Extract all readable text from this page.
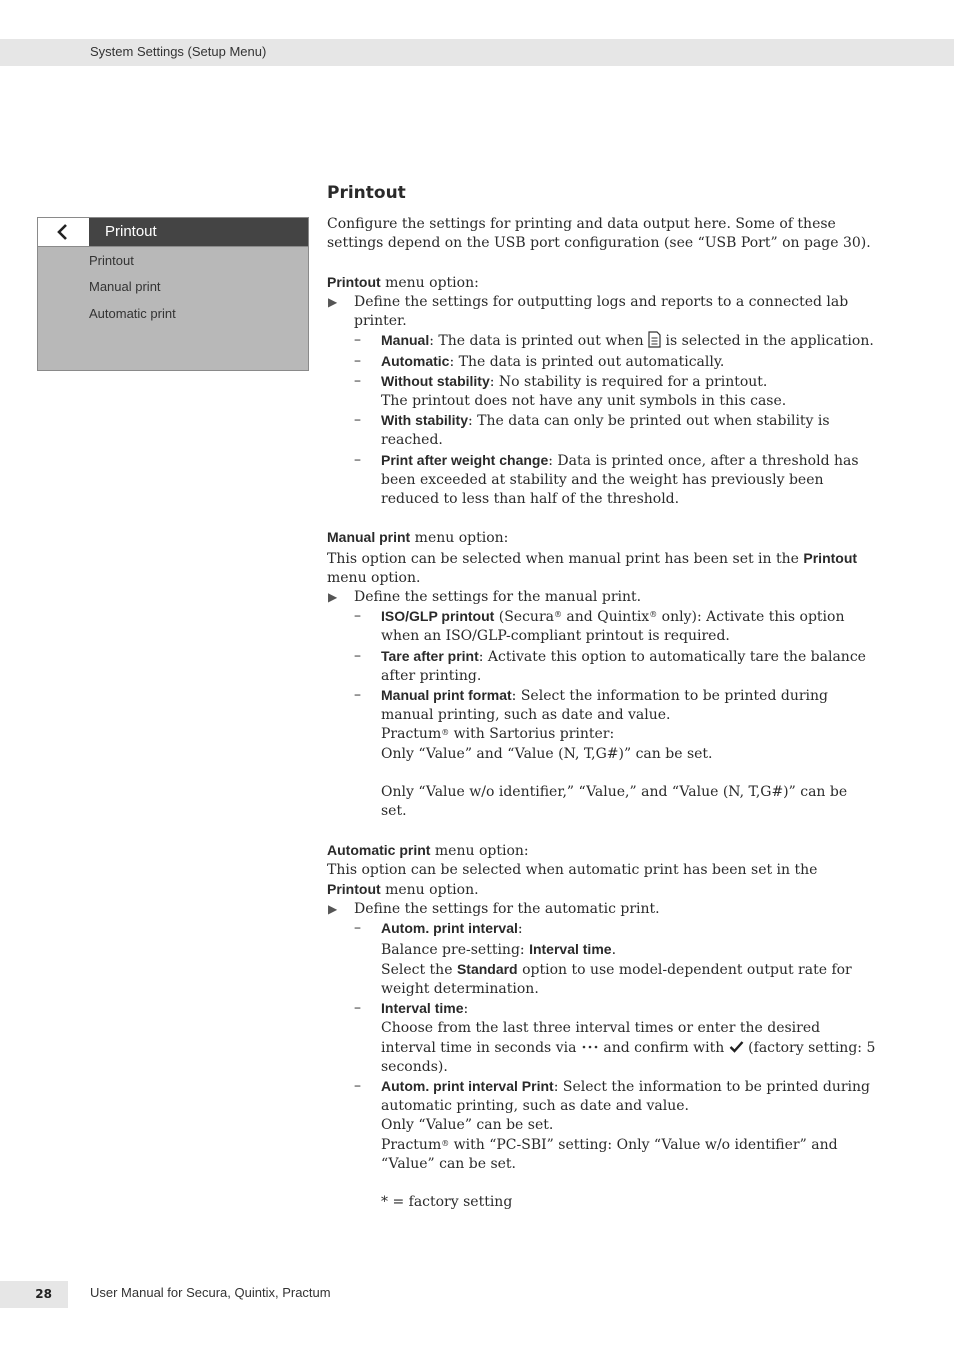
System Settings (Setup Menu)
Printout
Printout
Manual print
Automatic print
Printout

Configure the settings for printing and data output here. Some of these settings depend on the USB port configuration (see “USB Port” on page 30).

Printout menu option:

▶ Define the settings for outputting logs and reports to a connected lab printer.

– Manual: The data is printed out when  is selected in the application.

– Automatic: The data is printed out automatically.

– Without stability: No stability is required for a printout.

The printout does not have any unit symbols in this case.

– With stability: The data can only be printed out when stability is reached.

– Print after weight change: Data is printed once, after a threshold has been exceeded at stability and the weight has previously been reduced to less than half of the threshold.

Manual print menu option:

This option can be selected when manual print has been set in the Printout menu option.

▶ Define the settings for the manual print.

– ISO/GLP printout (Secura® and Quintix® only): Activate this option when an ISO/GLP-compliant printout is required.

– Tare after print: Activate this option to automatically tare the balance after printing.

– Manual print format: Select the information to be printed during manual printing, such as date and value.

Practum® with Sartorius printer:

Only “Value” and “Value (N, T,G#)” can be set.

Only “Value w/o identifier,” “Value,” and “Value (N, T,G#)” can be set.

Automatic print menu option:

This option can be selected when automatic print has been set in the

Printout menu option.

▶ Define the settings for the automatic print.

– Autom. print interval:

Balance pre-setting: Interval time.

Select the Standard option to use model-dependent output rate for weight determination.

– Interval time:

Choose from the last three interval times or enter the desired interval time in seconds via  and confirm with  (factory setting: 5 seconds).

– Autom. print interval Print: Select the information to be printed during automatic printing, such as date and value.

Only “Value” can be set.

Practum® with “PC-SBI” setting: Only “Value w/o identifier” and “Value” can be set.

* = factory setting

28	User Manual for Secura, Quintix, Practum
